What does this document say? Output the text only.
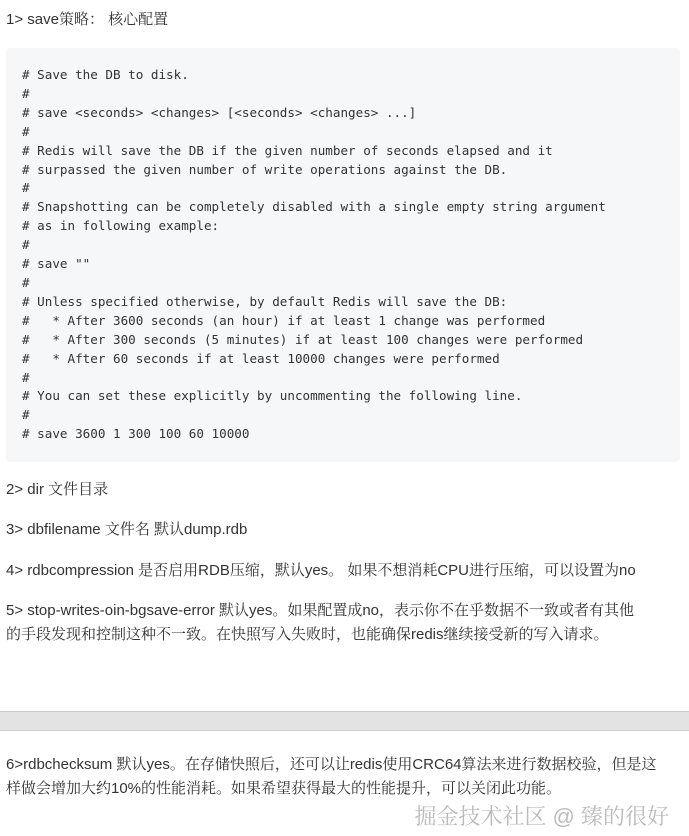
1> save策略： 核心配置

# Save the DB to disk.
#
# save <seconds> <changes> [<seconds> <changes> ...]
#
# Redis will save the DB if the given number of seconds elapsed and it
# surpassed the given number of write operations against the DB.
#
# Snapshotting can be completely disabled with a single empty string argument
# as in following example:
#
# save ""
#
# Unless specified otherwise, by default Redis will save the DB:
#   * After 3600 seconds (an hour) if at least 1 change was performed
#   * After 300 seconds (5 minutes) if at least 100 changes were performed
#   * After 60 seconds if at least 10000 changes were performed
#
# You can set these explicitly by uncommenting the following line.
#
# save 3600 1 300 100 60 10000

2> dir 文件目录

3> dbfilename 文件名 默认dump.rdb

4> rdbcompression 是否启用RDB压缩，默认yes。 如果不想消耗CPU进行压缩，可以设置为no

5> stop-writes-oin-bgsave-error 默认yes。如果配置成no，表示你不在乎数据不一致或者有其他

的手段发现和控制这种不一致。在快照写入失败时，也能确保redis继续接受新的写入请求。

6>rdbchecksum 默认yes。在存储快照后，还可以让redis使用CRC64算法来进行数据校验，但是这

样做会增加大约10%的性能消耗。如果希望获得最大的性能提升，可以关闭此功能。

掘金技术社区 @ 臻的很好
